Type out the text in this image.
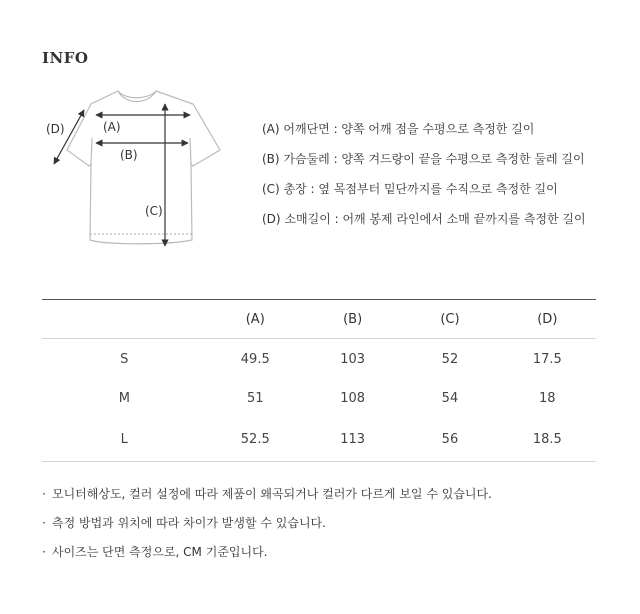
INFO
(A)
(B)
(C)
(D)	(A) 어깨단면 : 양쪽 어깨 점을 수평으로 측정한 길이
(B) 가슴둘레 : 양쪽 겨드랑이 끝을 수평으로 측정한 둘레 길이
(C) 총장 : 옆 목점부터 밑단까지를 수직으로 측정한 길이
(D) 소매길이 : 어깨 봉제 라인에서 소매 끝까지를 측정한 길이
	(A)	(B)	(C)	(D)
S	49.5	103	52	17.5
M	51	108	54	18
L	52.5	113	56	18.5
· 모니터해상도, 컬러 설정에 따라 제품이 왜곡되거나 컬러가 다르게 보일 수 있습니다.
· 측정 방법과 위치에 따라 차이가 발생할 수 있습니다.
· 사이즈는 단면 측정으로, CM 기준입니다.
